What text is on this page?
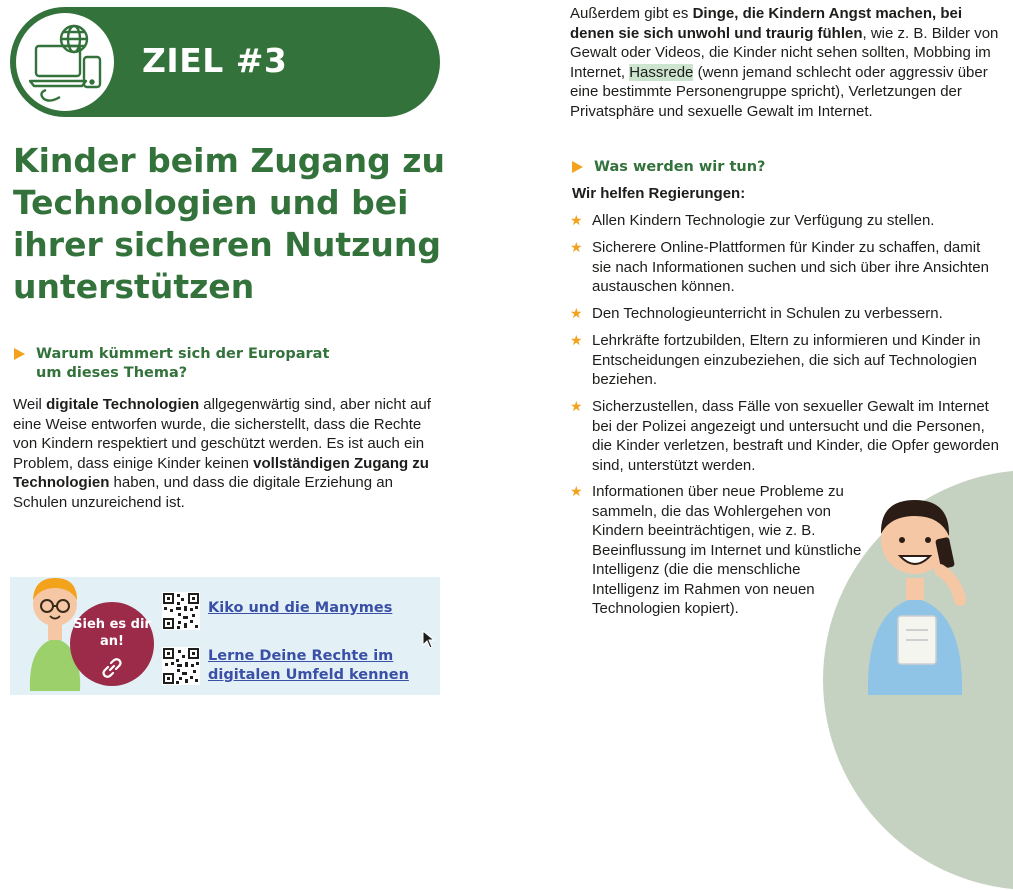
ZIEL #3
Kinder beim Zugang zu Technologien und bei ihrer sicheren Nutzung unterstützen
Warum kümmert sich der Europarat um dieses Thema?
Weil digitale Technologien allgegenwärtig sind, aber nicht auf eine Weise entworfen wurde, die sicherstellt, dass die Rechte von Kindern respektiert und geschützt werden. Es ist auch ein Problem, dass einige Kinder keinen vollständigen Zugang zu Technologien haben, und dass die digitale Erziehung an Schulen unzureichend ist.
Sieh es dir an!
Kiko und die Manymes
Lerne Deine Rechte im digitalen Umfeld kennen
Außerdem gibt es Dinge, die Kindern Angst machen, bei denen sie sich unwohl und traurig fühlen, wie z. B. Bilder von Gewalt oder Videos, die Kinder nicht sehen sollten, Mobbing im Internet, Hassrede (wenn jemand schlecht oder aggressiv über eine bestimmte Personengruppe spricht), Verletzungen der Privatsphäre und sexuelle Gewalt im Internet.
Was werden wir tun?
Wir helfen Regierungen:
★ Allen Kindern Technologie zur Verfügung zu stellen.
★ Sicherere Online-Plattformen für Kinder zu schaffen, damit sie nach Informationen suchen und sich über ihre Ansichten austauschen können.
★ Den Technologieunterricht in Schulen zu verbessern.
★ Lehrkräfte fortzubilden, Eltern zu informieren und Kinder in Entscheidungen einzubeziehen, die sich auf Technologien beziehen.
★ Sicherzustellen, dass Fälle von sexueller Gewalt im Internet bei der Polizei angezeigt und untersucht und die Personen, die Kinder verletzen, bestraft und Kinder, die Opfer geworden sind, unterstützt werden.
★ Informationen über neue Probleme zu sammeln, die das Wohlergehen von Kindern beeinträchtigen, wie z. B. Beeinflussung im Internet und künstliche Intelligenz (die die menschliche Intelligenz im Rahmen von neuen Technologien kopiert).
